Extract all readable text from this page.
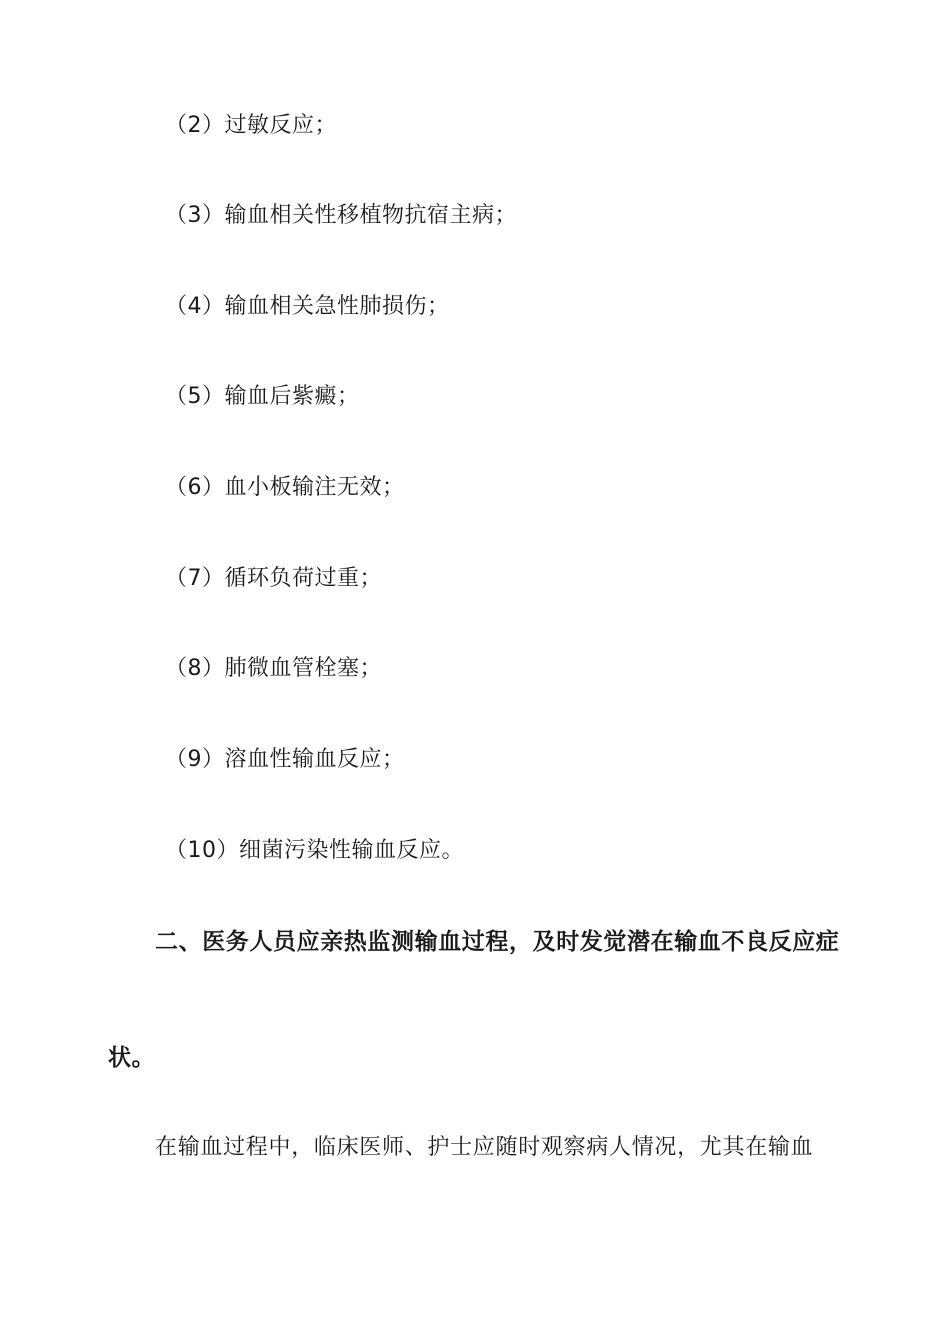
（2）过敏反应；
（3）输血相关性移植物抗宿主病；
（4）输血相关急性肺损伤；
（5）输血后紫癜；
（6）血小板输注无效；
（7）循环负荷过重；
（8）肺微血管栓塞；
（9）溶血性输血反应；
（10）细菌污染性输血反应。
二、医务人员应亲热监测输血过程，及时发觉潜在输血不良反应症
状。
在输血过程中，临床医师、护士应随时观察病人情况，尤其在输血
